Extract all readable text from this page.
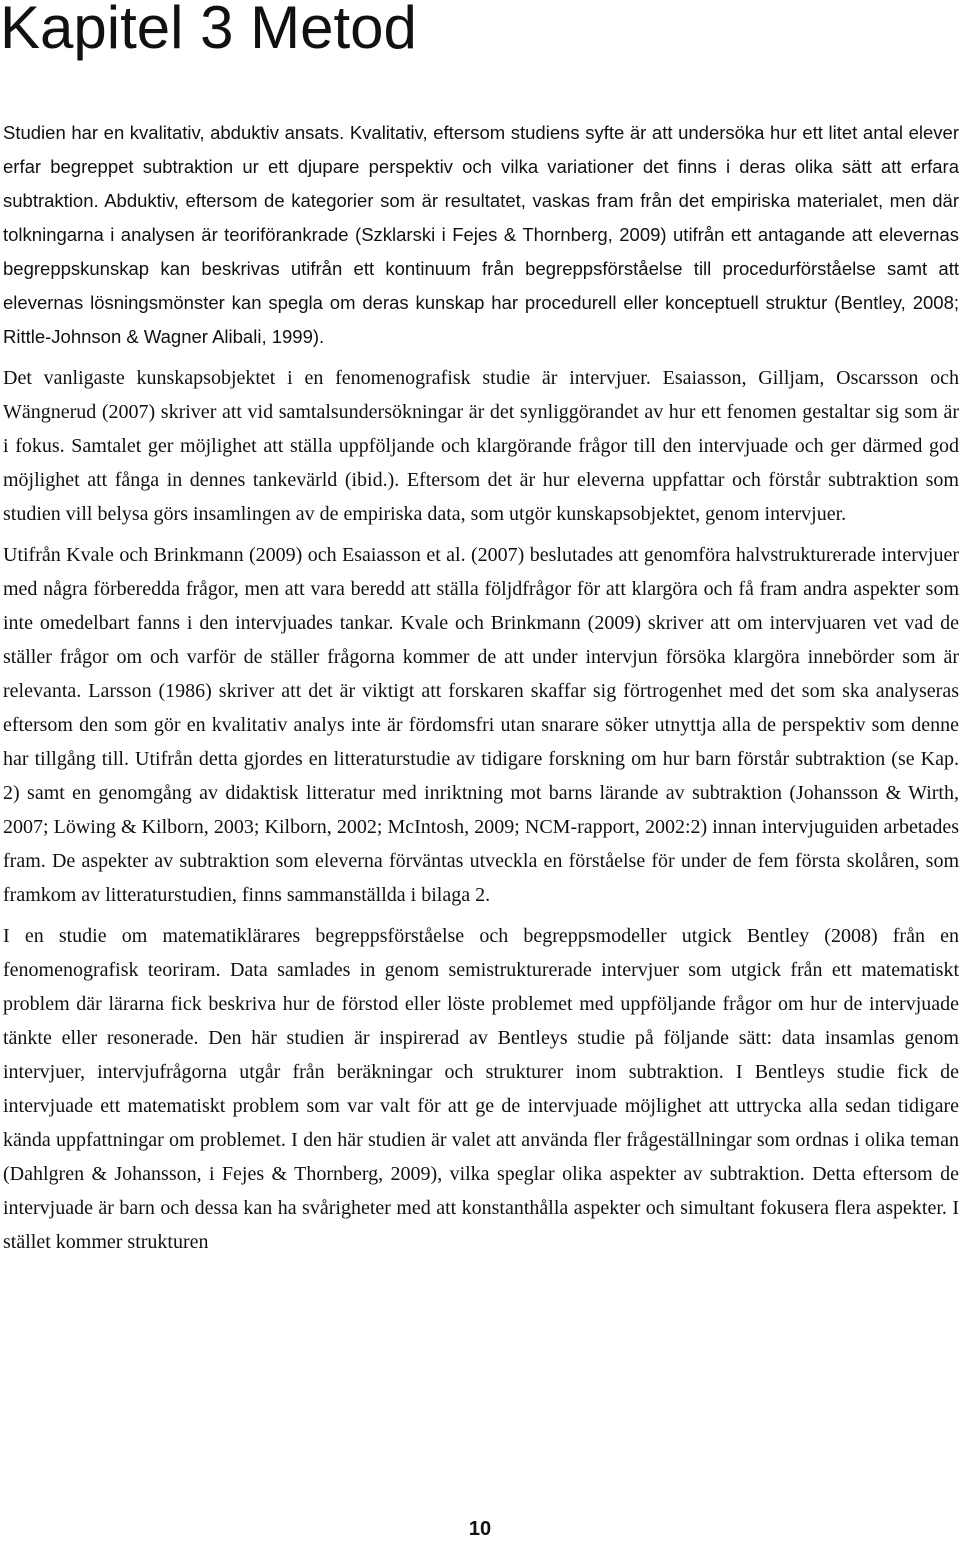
Kapitel 3 Metod

Studien har en kvalitativ, abduktiv ansats. Kvalitativ, eftersom studiens syfte är att undersöka hur ett litet antal elever erfar begreppet subtraktion ur ett djupare perspektiv och vilka variationer det finns i deras olika sätt att erfara subtraktion. Abduktiv, eftersom de kategorier som är resultatet, vaskas fram från det empiriska materialet, men där tolkningarna i analysen är teoriförankrade (Szklarski i Fejes & Thornberg, 2009) utifrån ett antagande att elevernas begreppskunskap kan beskrivas utifrån ett kontinuum från begreppsförståelse till procedurförståelse samt att elevernas lösningsmönster kan spegla om deras kunskap har procedurell eller konceptuell struktur (Bentley, 2008; Rittle-Johnson & Wagner Alibali, 1999).

Det vanligaste kunskapsobjektet i en fenomenografisk studie är intervjuer. Esaiasson, Gilljam, Oscarsson och Wängnerud (2007) skriver att vid samtalsundersökningar är det synliggörandet av hur ett fenomen gestaltar sig som är i fokus. Samtalet ger möjlighet att ställa uppföljande och klargörande frågor till den intervjuade och ger därmed god möjlighet att fånga in dennes tankevärld (ibid.). Eftersom det är hur eleverna uppfattar och förstår subtraktion som studien vill belysa görs insamlingen av de empiriska data, som utgör kunskapsobjektet, genom intervjuer.

Utifrån Kvale och Brinkmann (2009) och Esaiasson et al. (2007) beslutades att genomföra halvstrukturerade intervjuer med några förberedda frågor, men att vara beredd att ställa följdfrågor för att klargöra och få fram andra aspekter som inte omedelbart fanns i den intervjuades tankar. Kvale och Brinkmann (2009) skriver att om intervjuaren vet vad de ställer frågor om och varför de ställer frågorna kommer de att under intervjun försöka klargöra innebörder som är relevanta. Larsson (1986) skriver att det är viktigt att forskaren skaffar sig förtrogenhet med det som ska analyseras eftersom den som gör en kvalitativ analys inte är fördomsfri utan snarare söker utnyttja alla de perspektiv som denne har tillgång till. Utifrån detta gjordes en litteraturstudie av tidigare forskning om hur barn förstår subtraktion (se Kap. 2) samt en genomgång av didaktisk litteratur med inriktning mot barns lärande av subtraktion (Johansson & Wirth, 2007; Löwing & Kilborn, 2003; Kilborn, 2002; McIntosh, 2009; NCM-rapport, 2002:2) innan intervjuguiden arbetades fram. De aspekter av subtraktion som eleverna förväntas utveckla en förståelse för under de fem första skolåren, som framkom av litteraturstudien, finns sammanställda i bilaga 2.

I en studie om matematiklärares begreppsförståelse och begreppsmodeller utgick Bentley (2008) från en fenomenografisk teoriram. Data samlades in genom semistrukturerade intervjuer som utgick från ett matematiskt problem där lärarna fick beskriva hur de förstod eller löste problemet med uppföljande frågor om hur de intervjuade tänkte eller resonerade. Den här studien är inspirerad av Bentleys studie på följande sätt: data insamlas genom intervjuer, intervjufrågorna utgår från beräkningar och strukturer inom subtraktion. I Bentleys studie fick de intervjuade ett matematiskt problem som var valt för att ge de intervjuade möjlighet att uttrycka alla sedan tidigare kända uppfattningar om problemet. I den här studien är valet att använda fler frågeställningar som ordnas i olika teman (Dahlgren & Johansson, i Fejes & Thornberg, 2009), vilka speglar olika aspekter av subtraktion. Detta eftersom de intervjuade är barn och dessa kan ha svårigheter med att konstanthålla aspekter och simultant fokusera flera aspekter. I stället kommer strukturen

10
